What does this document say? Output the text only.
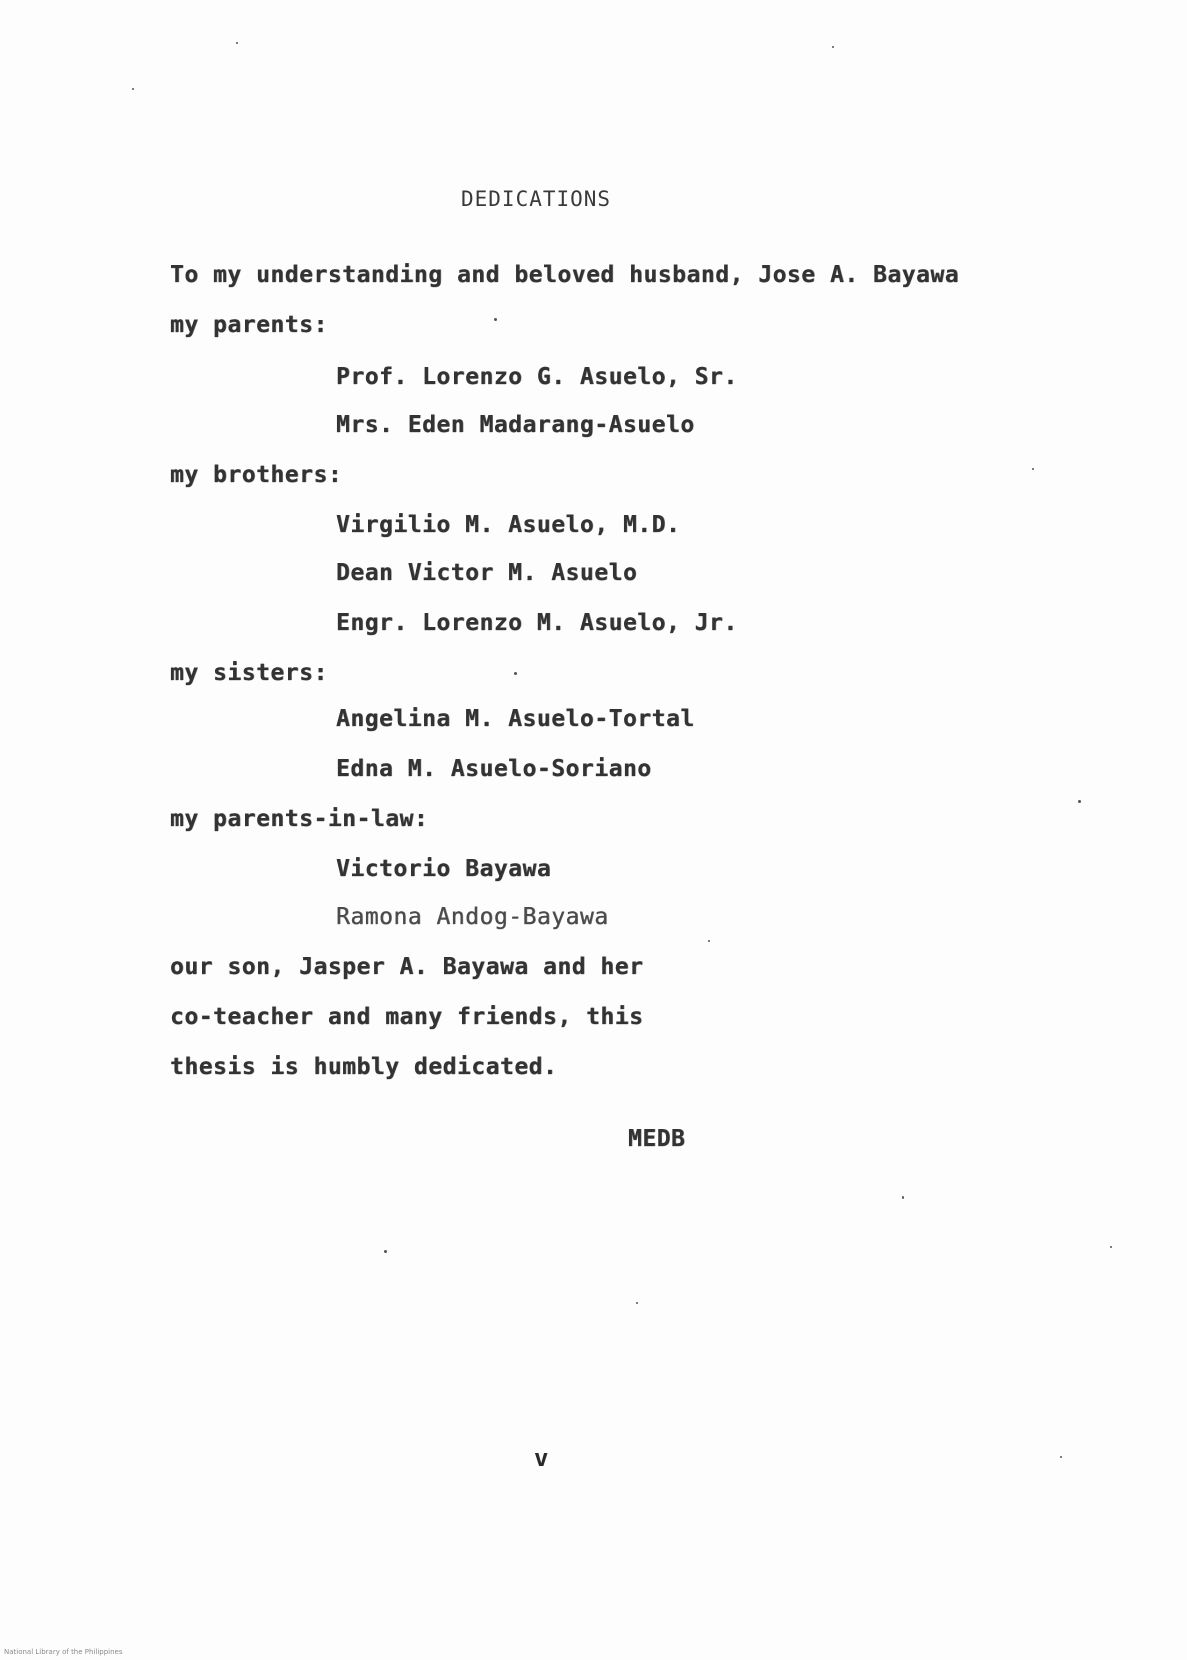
DEDICATIONS
To my understanding and beloved husband, Jose A. Bayawa
my parents:
Prof. Lorenzo G. Asuelo, Sr.
Mrs. Eden Madarang-Asuelo
my brothers:
Virgilio M. Asuelo, M.D.
Dean Victor M. Asuelo
Engr. Lorenzo M. Asuelo, Jr.
my sisters:
Angelina M. Asuelo-Tortal
Edna M. Asuelo-Soriano
my parents-in-law:
Victorio Bayawa
Ramona Andog-Bayawa
our son, Jasper A. Bayawa and her
co-teacher and many friends, this
thesis is humbly dedicated.
MEDB
v
National Library of the Philippines
